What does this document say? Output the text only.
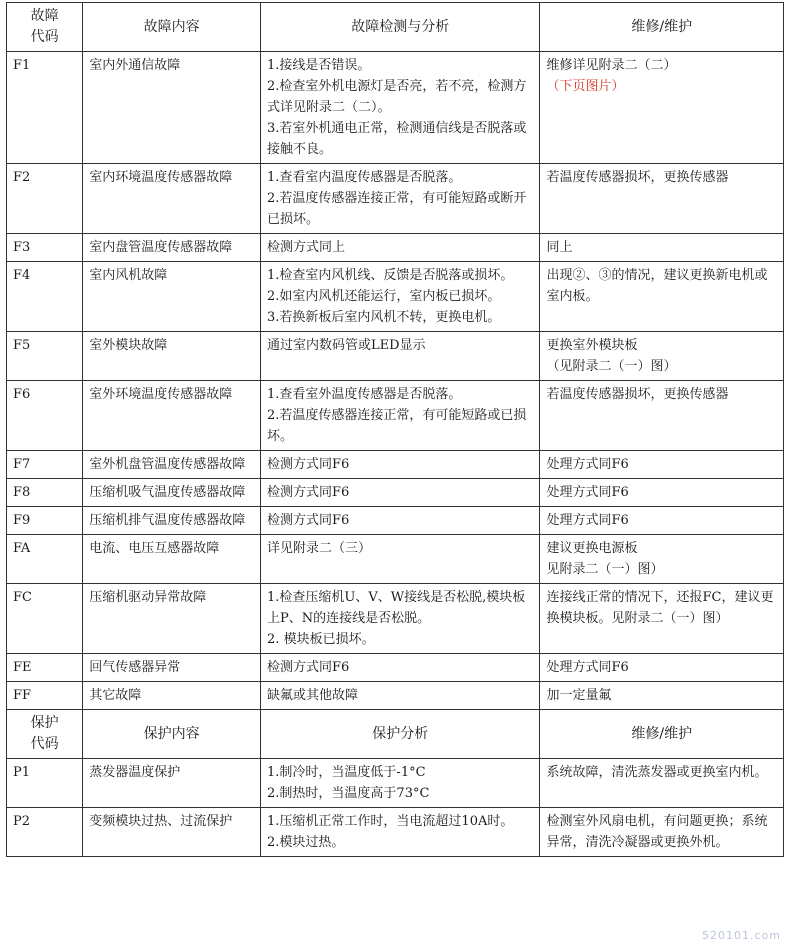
故障
代码	故障内容	故障检测与分析	维修/维护
F1	室内外通信故障	1.接线是否错误。
2.检查室外机电源灯是否亮，若不亮，检测方式详见附录二（二）。
3.若室外机通电正常，检测通信线是否脱落或接触不良。	维修详见附录二（二）
（下页图片）

F2	室内环境温度传感器故障	1.查看室内温度传感器是否脱落。
2.若温度传感器连接正常，有可能短路或断开已损坏。	若温度传感器损坏，更换传感器

F3	室内盘管温度传感器故障	检测方式同上	同上

F4	室内风机故障	1.检查室内风机线、反馈是否脱落或损坏。
2.如室内风机还能运行，室内板已损坏。
3.若换新板后室内风机不转，更换电机。	出现②、③的情况，建议更换新电机或室内板。

F5	室外模块故障	通过室内数码管或LED显示	更换室外模块板
（见附录二（一）图）

F6	室外环境温度传感器故障	1.查看室外温度传感器是否脱落。
2.若温度传感器连接正常，有可能短路或已损坏。	若温度传感器损坏，更换传感器

F7	室外机盘管温度传感器故障	检测方式同F6	处理方式同F6

F8	压缩机吸气温度传感器故障	检测方式同F6	处理方式同F6

F9	压缩机排气温度传感器故障	检测方式同F6	处理方式同F6

FA	电流、电压互感器故障	详见附录二（三）	建议更换电源板
见附录二（一）图）

FC	压缩机驱动异常故障	1.检查压缩机U、V、W接线是否松脱,模块板上P、N的连接线是否松脱。
2. 模块板已损坏。	连接线正常的情况下，还报FC，建议更换模块板。见附录二（一）图）

FE	回气传感器异常	检测方式同F6	处理方式同F6

FF	其它故障	缺氟或其他故障	加一定量氟

保护
代码	保护内容	保护分析	维修/维护
P1	蒸发器温度保护	1.制冷时，当温度低于-1°C
2.制热时，当温度高于73°C	系统故障，清洗蒸发器或更换室内机。

P2	变频模块过热、过流保护	1.压缩机正常工作时，当电流超过10A时。
2.模块过热。	检测室外风扇电机，有问题更换；系统异常，清洗冷凝器或更换外机。
520101.com
